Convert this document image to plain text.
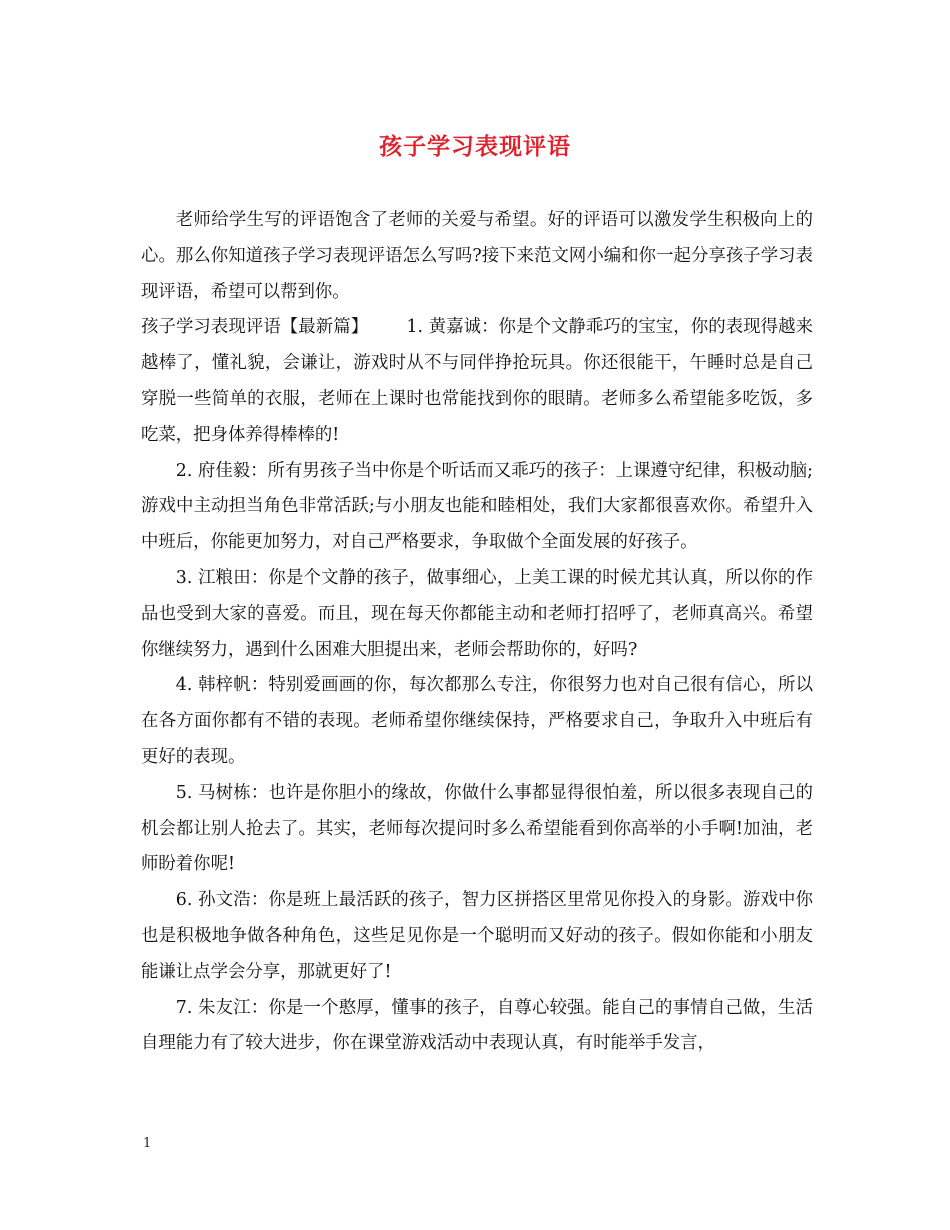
孩子学习表现评语

老师给学生写的评语饱含了老师的关爱与希望。好的评语可以激发学生积极向上的心。那么你知道孩子学习表现评语怎么写吗?接下来范文网小编和你一起分享孩子学习表现评语，希望可以帮到你。

孩子学习表现评语【最新篇】 1. 黄嘉诚：你是个文静乖巧的宝宝，你的表现得越来越棒了，懂礼貌，会谦让，游戏时从不与同伴挣抢玩具。你还很能干，午睡时总是自己穿脱一些简单的衣服，老师在上课时也常能找到你的眼睛。老师多么希望能多吃饭，多吃菜，把身体养得棒棒的!

2. 府佳毅：所有男孩子当中你是个听话而又乖巧的孩子：上课遵守纪律，积极动脑;游戏中主动担当角色非常活跃;与小朋友也能和睦相处，我们大家都很喜欢你。希望升入中班后，你能更加努力，对自己严格要求，争取做个全面发展的好孩子。

3. 江粮田：你是个文静的孩子，做事细心，上美工课的时候尤其认真，所以你的作品也受到大家的喜爱。而且，现在每天你都能主动和老师打招呼了，老师真高兴。希望你继续努力，遇到什么困难大胆提出来，老师会帮助你的，好吗?

4. 韩梓帆：特别爱画画的你，每次都那么专注，你很努力也对自己很有信心，所以在各方面你都有不错的表现。老师希望你继续保持，严格要求自己，争取升入中班后有更好的表现。

5. 马树栋：也许是你胆小的缘故，你做什么事都显得很怕羞，所以很多表现自己的机会都让别人抢去了。其实，老师每次提问时多么希望能看到你高举的小手啊!加油，老师盼着你呢!

6. 孙文浩：你是班上最活跃的孩子，智力区拼搭区里常见你投入的身影。游戏中你也是积极地争做各种角色，这些足见你是一个聪明而又好动的孩子。假如你能和小朋友能谦让点学会分享，那就更好了!

7. 朱友江：你是一个憨厚，懂事的孩子，自尊心较强。能自己的事情自己做，生活自理能力有了较大进步，你在课堂游戏活动中表现认真，有时能举手发言，

1
